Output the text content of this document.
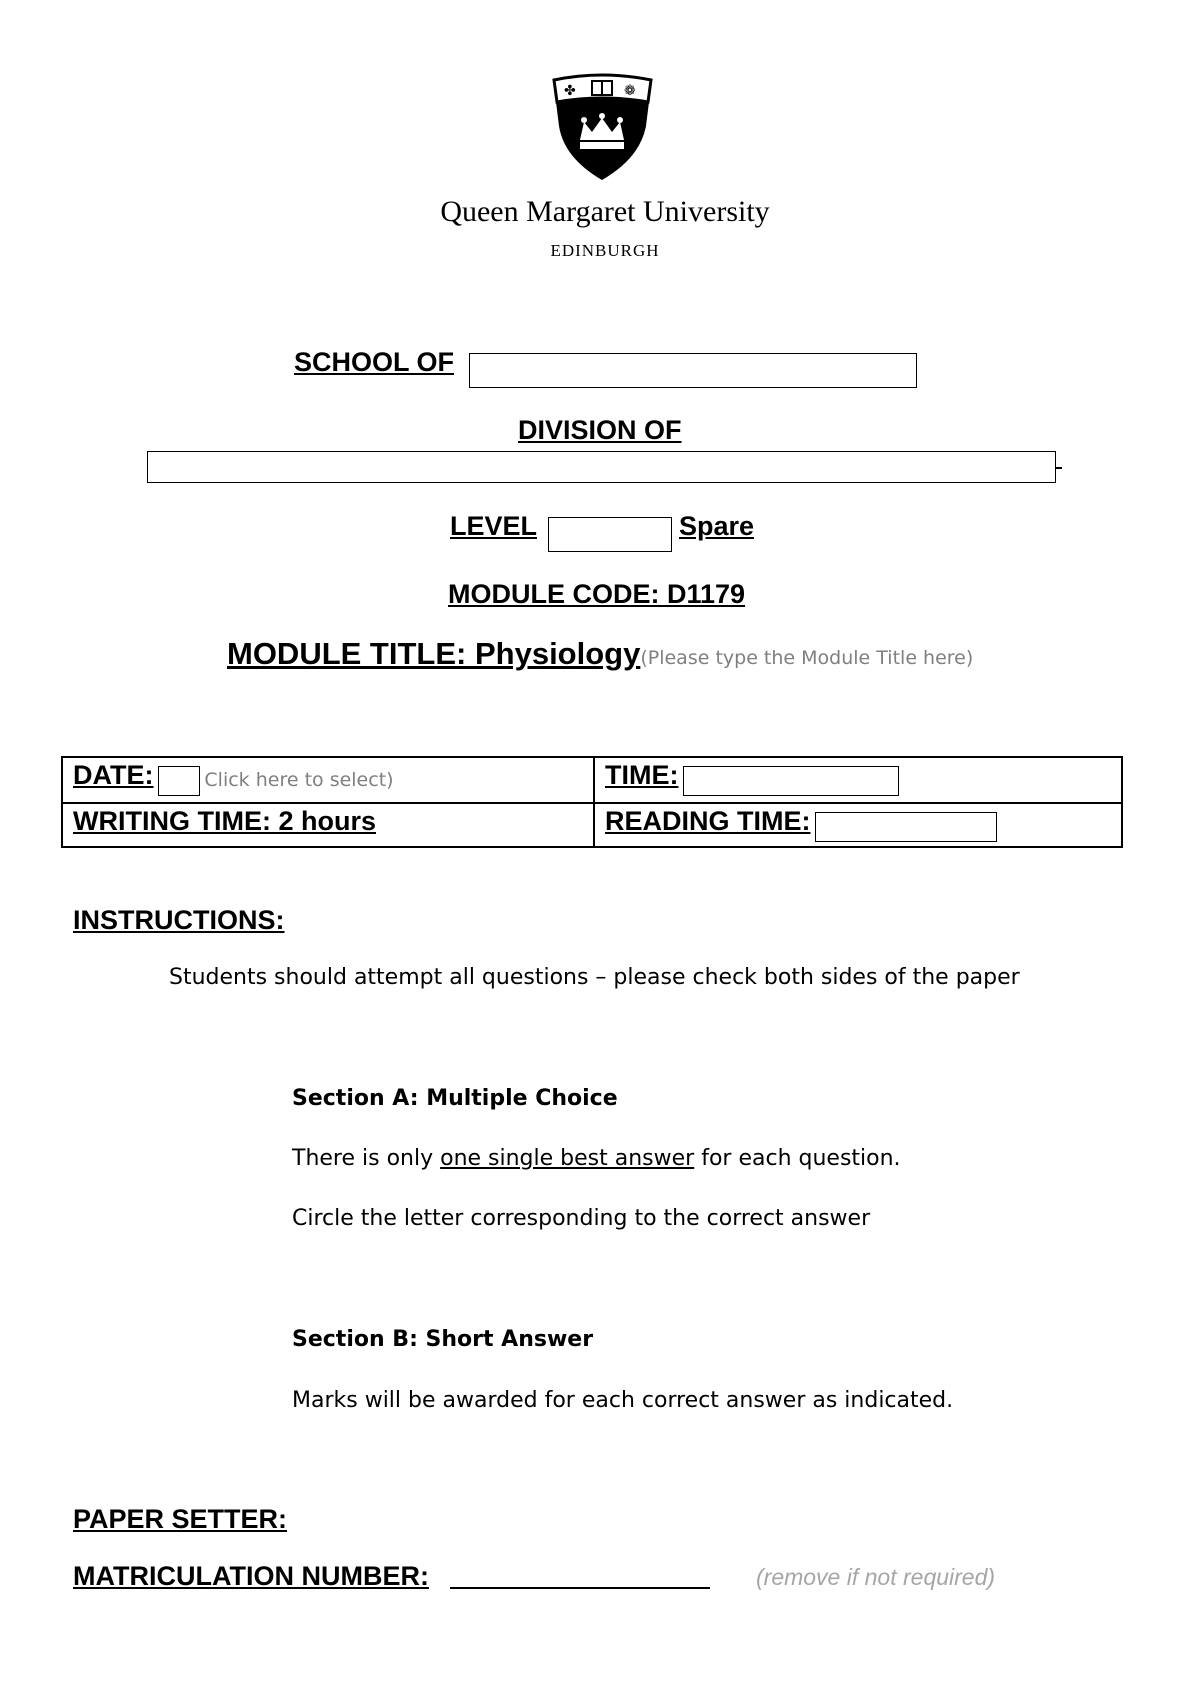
✤	❁
Queen Margaret University
EDINBURGH
SCHOOL OF
DIVISION OF
LEVEL	Spare
MODULE CODE: D1179
MODULE TITLE: Physiology(Please type the Module Title here)
DATE: Click here to select)	TIME:
WRITING TIME: 2 hours	READING TIME:
INSTRUCTIONS:
Students should attempt all questions – please check both sides of the paper
Section A: Multiple Choice
There is only one single best answer for each question.
Circle the letter corresponding to the correct answer
Section B: Short Answer
Marks will be awarded for each correct answer as indicated.
PAPER SETTER:
MATRICULATION NUMBER:	(remove if not required)
